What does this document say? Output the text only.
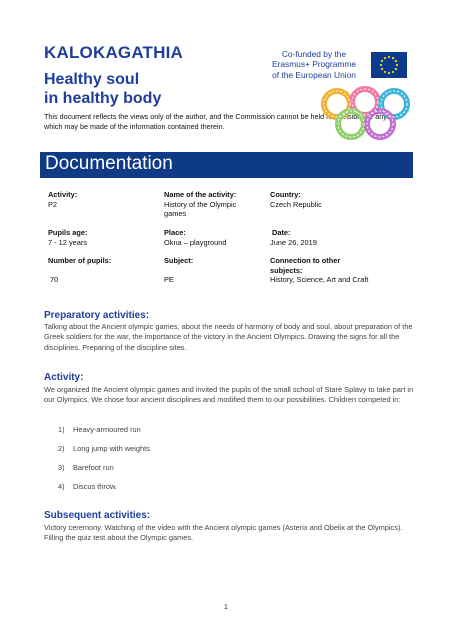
KALOKAGATHIA
Healthy soul
in healthy body
This document reflects the views only of the author, and the Commission cannot be held responsible for any use which may be made of the information contained therein.
Co-funded by the
Erasmus+ Programme
of the European Union
Documentation
Activity:
P2
Name of the activity:
History of the Olympic
games
Country:
Czech Republic
Pupils age:
7 - 12 years
Place:
Okna – playground
Date:
June 26, 2019
Number of pupils:
70
Subject:
PE
Connection to other
subjects:
History, Science, Art and Craft
Preparatory activities:
Talking about the Ancient olympic games, about the needs of harmony of body and soul, about preparation of the Greek soldiers for the war, the importance of the victory in the Ancient Olympics. Drawing the signs for all the disciplines. Preparing of the discipline sites.
Activity:
We organized the Ancient olympic games and invited the pupils of the small school of Staré Splavy to take part in our Olympics. We chose four ancient disciplines and modified them to our possibilities. Children competed in:
1) Heavy-armoured run
2) Long jump with weights
3) Barefoot run
4) Discus throw.
Subsequent activities:
Victory ceremony. Watching of the video with the Ancient olympic games (Asterix and Obelix at the Olympics). Filling the quiz test about the Olympic games.
1
